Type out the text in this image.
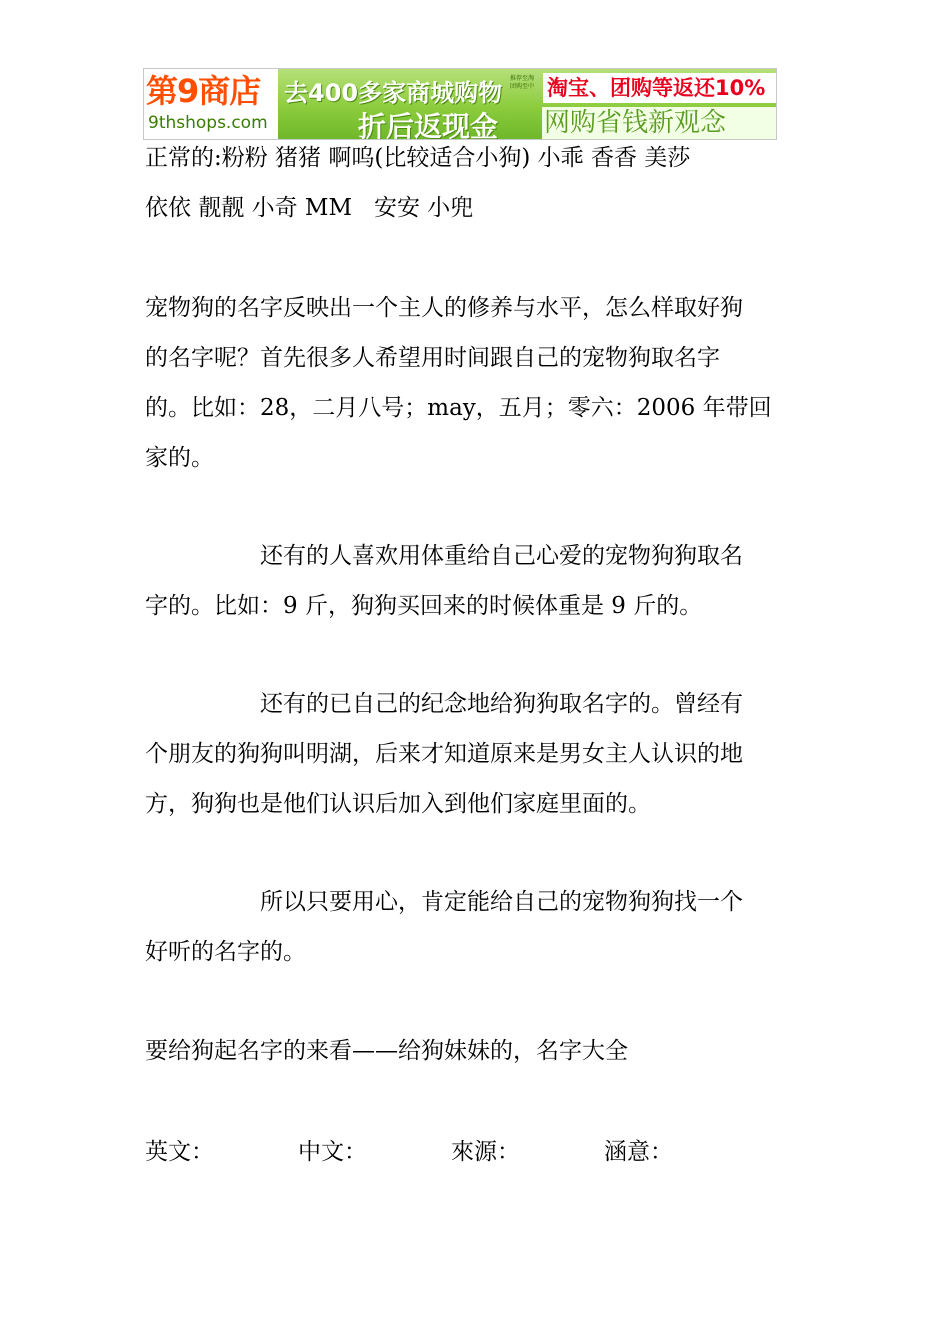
第9商店
9thshops.com
去400多家商城购物
推荐至淘 团购至中 淘宝、团购等返还10%
折后返现金 网购省钱新观念
正常的:粉粉 猪猪 啊呜(比较适合小狗) 小乖 香香 美莎
依依 靓靓 小奇 MM   安安 小兜
宠物狗的名字反映出一个主人的修养与水平，怎么样取好狗
的名字呢？首先很多人希望用时间跟自己的宠物狗取名字
的。比如：28，二月八号；may，五月；零六：2006 年带回
家的。
还有的人喜欢用体重给自己心爱的宠物狗狗取名
字的。比如：9 斤，狗狗买回来的时候体重是 9 斤的。
还有的已自己的纪念地给狗狗取名字的。曾经有
个朋友的狗狗叫明湖，后来才知道原来是男女主人认识的地
方，狗狗也是他们认识后加入到他们家庭里面的。
所以只要用心，肯定能给自己的宠物狗狗找一个
好听的名字的。
要给狗起名字的来看——给狗妹妹的，名字大全
英文：	中文：	來源：	涵意：
